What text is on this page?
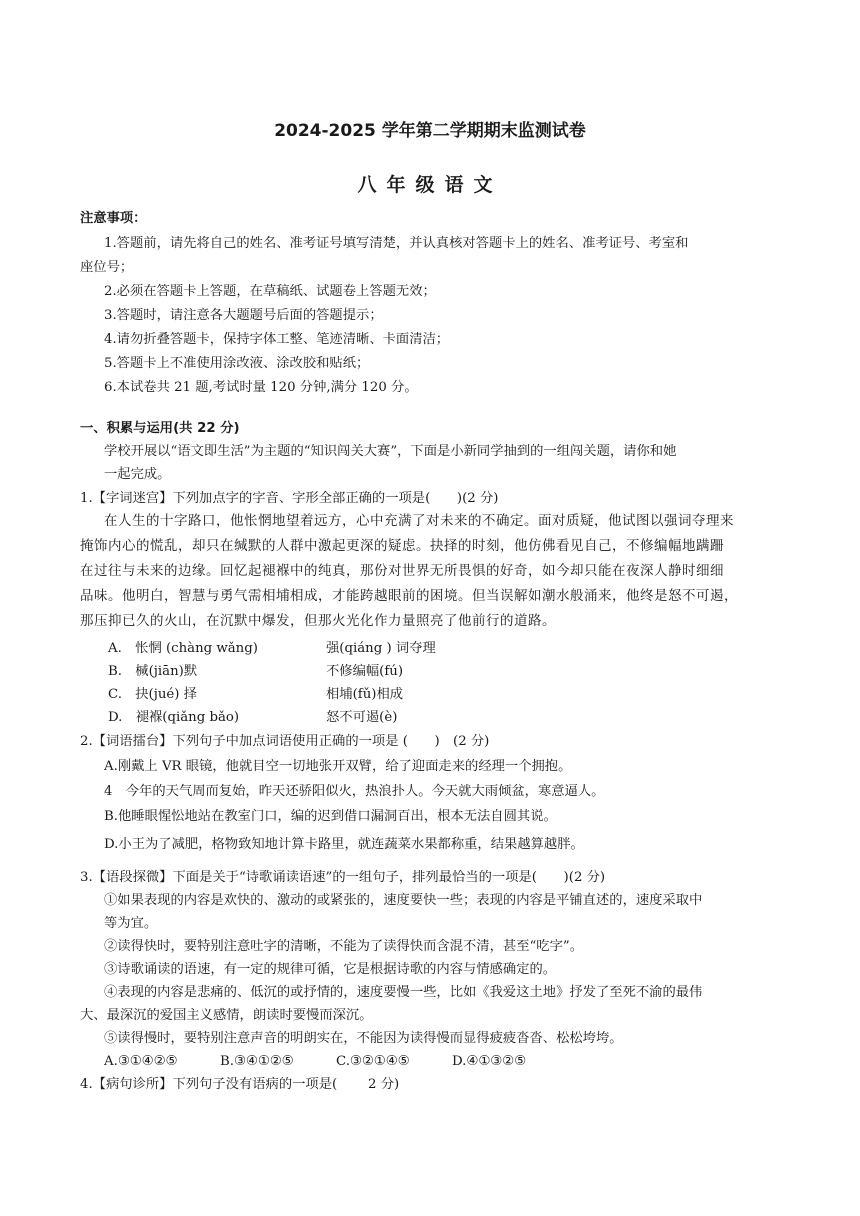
2024-2025 学年第二学期期末监测试卷
八年级语文
注意事项：
1.答题前，请先将自己的姓名、准考证号填写清楚，并认真核对答题卡上的姓名、准考证号、考室和
座位号；
2.必须在答题卡上答题，在草稿纸、试题卷上答题无效；
3.答题时，请注意各大题题号后面的答题提示；
4.请勿折叠答题卡，保持字体工整、笔迹清晰、卡面清洁；
5.答题卡上不准使用涂改液、涂改胶和贴纸；
6.本试卷共 21 题,考试时量 120 分钟,满分 120 分。
一、积累与运用(共 22 分)
学校开展以“语文即生活”为主题的“知识闯关大赛”，下面是小新同学抽到的一组闯关题，请你和她
一起完成。
1.【字词迷宫】下列加点字的字音、字形全部正确的一项是(　　)(2 分)
在人生的十字路口，他怅惘地望着远方，心中充满了对未来的不确定。面对质疑，他试图以强词夺理来
掩饰内心的慌乱，却只在缄默的人群中激起更深的疑虑。抉择的时刻，他仿佛看见自己，不修编幅地蹒跚
在过往与未来的边缘。回忆起褪褓中的纯真，那份对世界无所畏惧的好奇，如今却只能在夜深人静时细细
品味。他明白，智慧与勇气需相埔相成，才能跨越眼前的困境。但当误解如潮水般涌来，他终是怒不可遏，
那压抑已久的火山，在沉默中爆发，但那火光化作力量照亮了他前行的道路。
A.　怅惘 (chàng wǎng)	强(qiáng ) 词夺理
B.　椷(jiān)默	不修编幅(fú)
C.　抉(jué) 择	相埔(fǔ)相成
D.　褪褓(qiǎng bǎo)	怒不可遏(è)
2.【词语擂台】下列句子中加点词语使用正确的一项是 (　　)　(2 分)
A.刚戴上 VR 眼镜，他就目空一切地张开双臂，给了迎面走来的经理一个拥抱。
4　今年的天气周而复始，昨天还骄阳似火，热浪扑人。今天就大雨倾盆，寒意逼人。
B.他睡眼惺忪地站在教室门口，编的迟到借口漏洞百出，根本无法自圆其说。
D.小王为了减肥，格物致知地计算卡路里，就连蔬菜水果都称重，结果越算越胖。
3.【语段探微】下面是关于“诗歌诵读语速”的一组句子，排列最恰当的一项是(　　)(2 分)
①如果表现的内容是欢快的、激动的或紧张的，速度要快一些；表现的内容是平铺直述的，速度采取中
等为宜。
②读得快时，要特别注意吐字的清晰，不能为了读得快而含混不清，甚至“吃字”。
③诗歌诵读的语速，有一定的规律可循，它是根据诗歌的内容与情感确定的。
④表现的内容是悲痛的、低沉的或抒情的，速度要慢一些，比如《我爱这土地》抒发了至死不渝的最伟
大、最深沉的爱国主义感情，朗读时要慢而深沉。
⑤读得慢时，要特别注意声音的明朗实在，不能因为读得慢而显得疲疲沓沓、松松垮垮。
A.③①④②⑤	B.③④①②⑤	C.③②①④⑤	D.④①③②⑤
4.【病句诊所】下列句子没有语病的一项是(　　 2 分)
